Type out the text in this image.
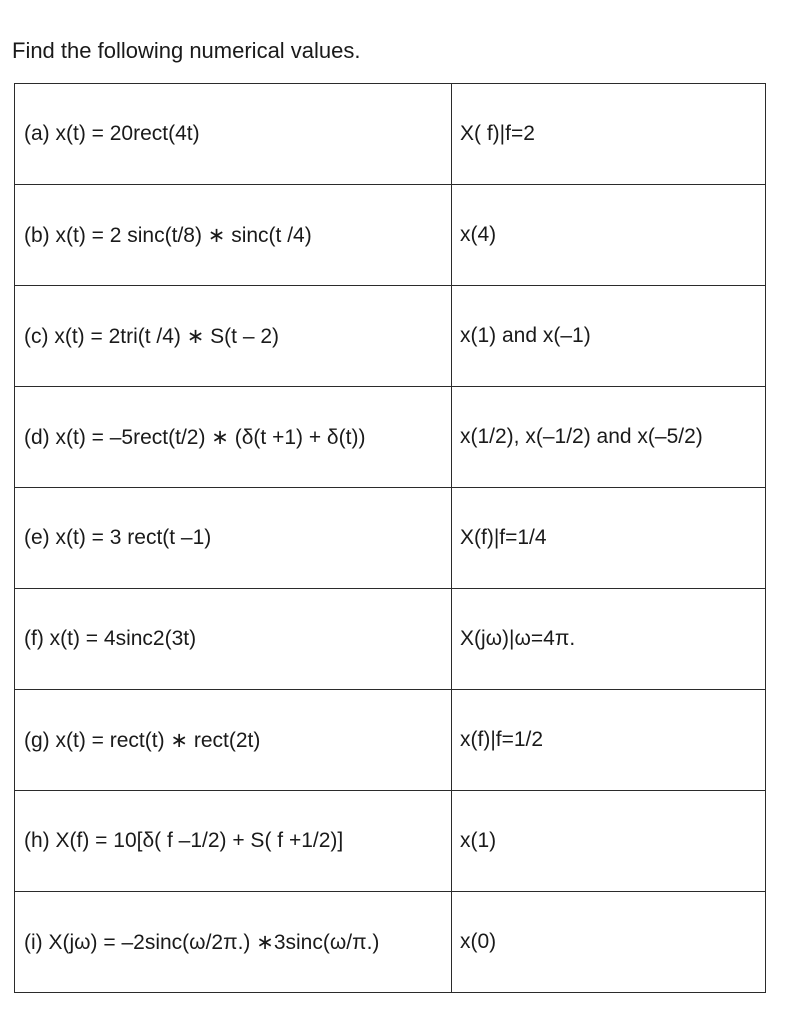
Find the following numerical values.

(a) x(t) = 20rect(4t)	X( f)|f=2
(b) x(t) = 2 sinc(t/8) ∗ sinc(t /4)	x(4)
(c) x(t) = 2tri(t /4) ∗ S(t – 2)	x(1) and x(–1)
(d) x(t) = –5rect(t/2) ∗ (δ(t +1) + δ(t))	x(1/2), x(–1/2) and x(–5/2)
(e) x(t) = 3 rect(t –1)	X(f)|f=1/4
(f) x(t) = 4sinc2(3t)	X(jω)|ω=4π.
(g) x(t) = rect(t) ∗ rect(2t)	x(f)|f=1/2
(h) X(f) = 10[δ( f –1/2) + S( f +1/2)]	x(1)
(i) X(jω) = –2sinc(ω/2π.) ∗3sinc(ω/π.)	x(0)
